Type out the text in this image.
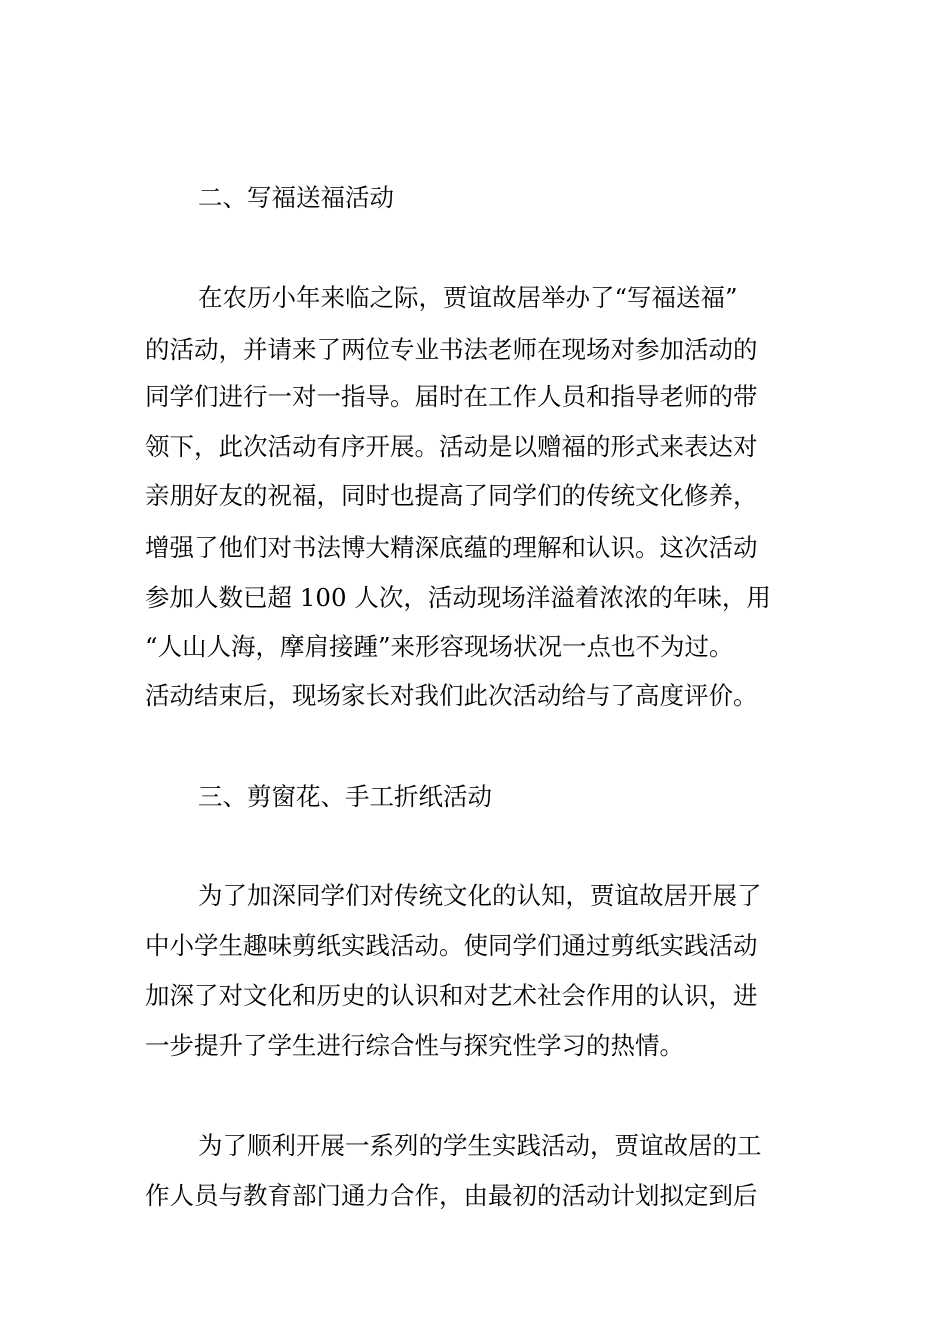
二、写福送福活动
在农历小年来临之际，贾谊故居举办了“写福送福”
的活动，并请来了两位专业书法老师在现场对参加活动的
同学们进行一对一指导。届时在工作人员和指导老师的带
领下，此次活动有序开展。活动是以赠福的形式来表达对
亲朋好友的祝福，同时也提高了同学们的传统文化修养，
增强了他们对书法博大精深底蕴的理解和认识。这次活动
参加人数已超 100 人次，活动现场洋溢着浓浓的年味，用
“人山人海，摩肩接踵”来形容现场状况一点也不为过。
活动结束后，现场家长对我们此次活动给与了高度评价。
三、剪窗花、手工折纸活动
为了加深同学们对传统文化的认知，贾谊故居开展了
中小学生趣味剪纸实践活动。使同学们通过剪纸实践活动
加深了对文化和历史的认识和对艺术社会作用的认识，进
一步提升了学生进行综合性与探究性学习的热情。
为了顺利开展一系列的学生实践活动，贾谊故居的工
作人员与教育部门通力合作，由最初的活动计划拟定到后
